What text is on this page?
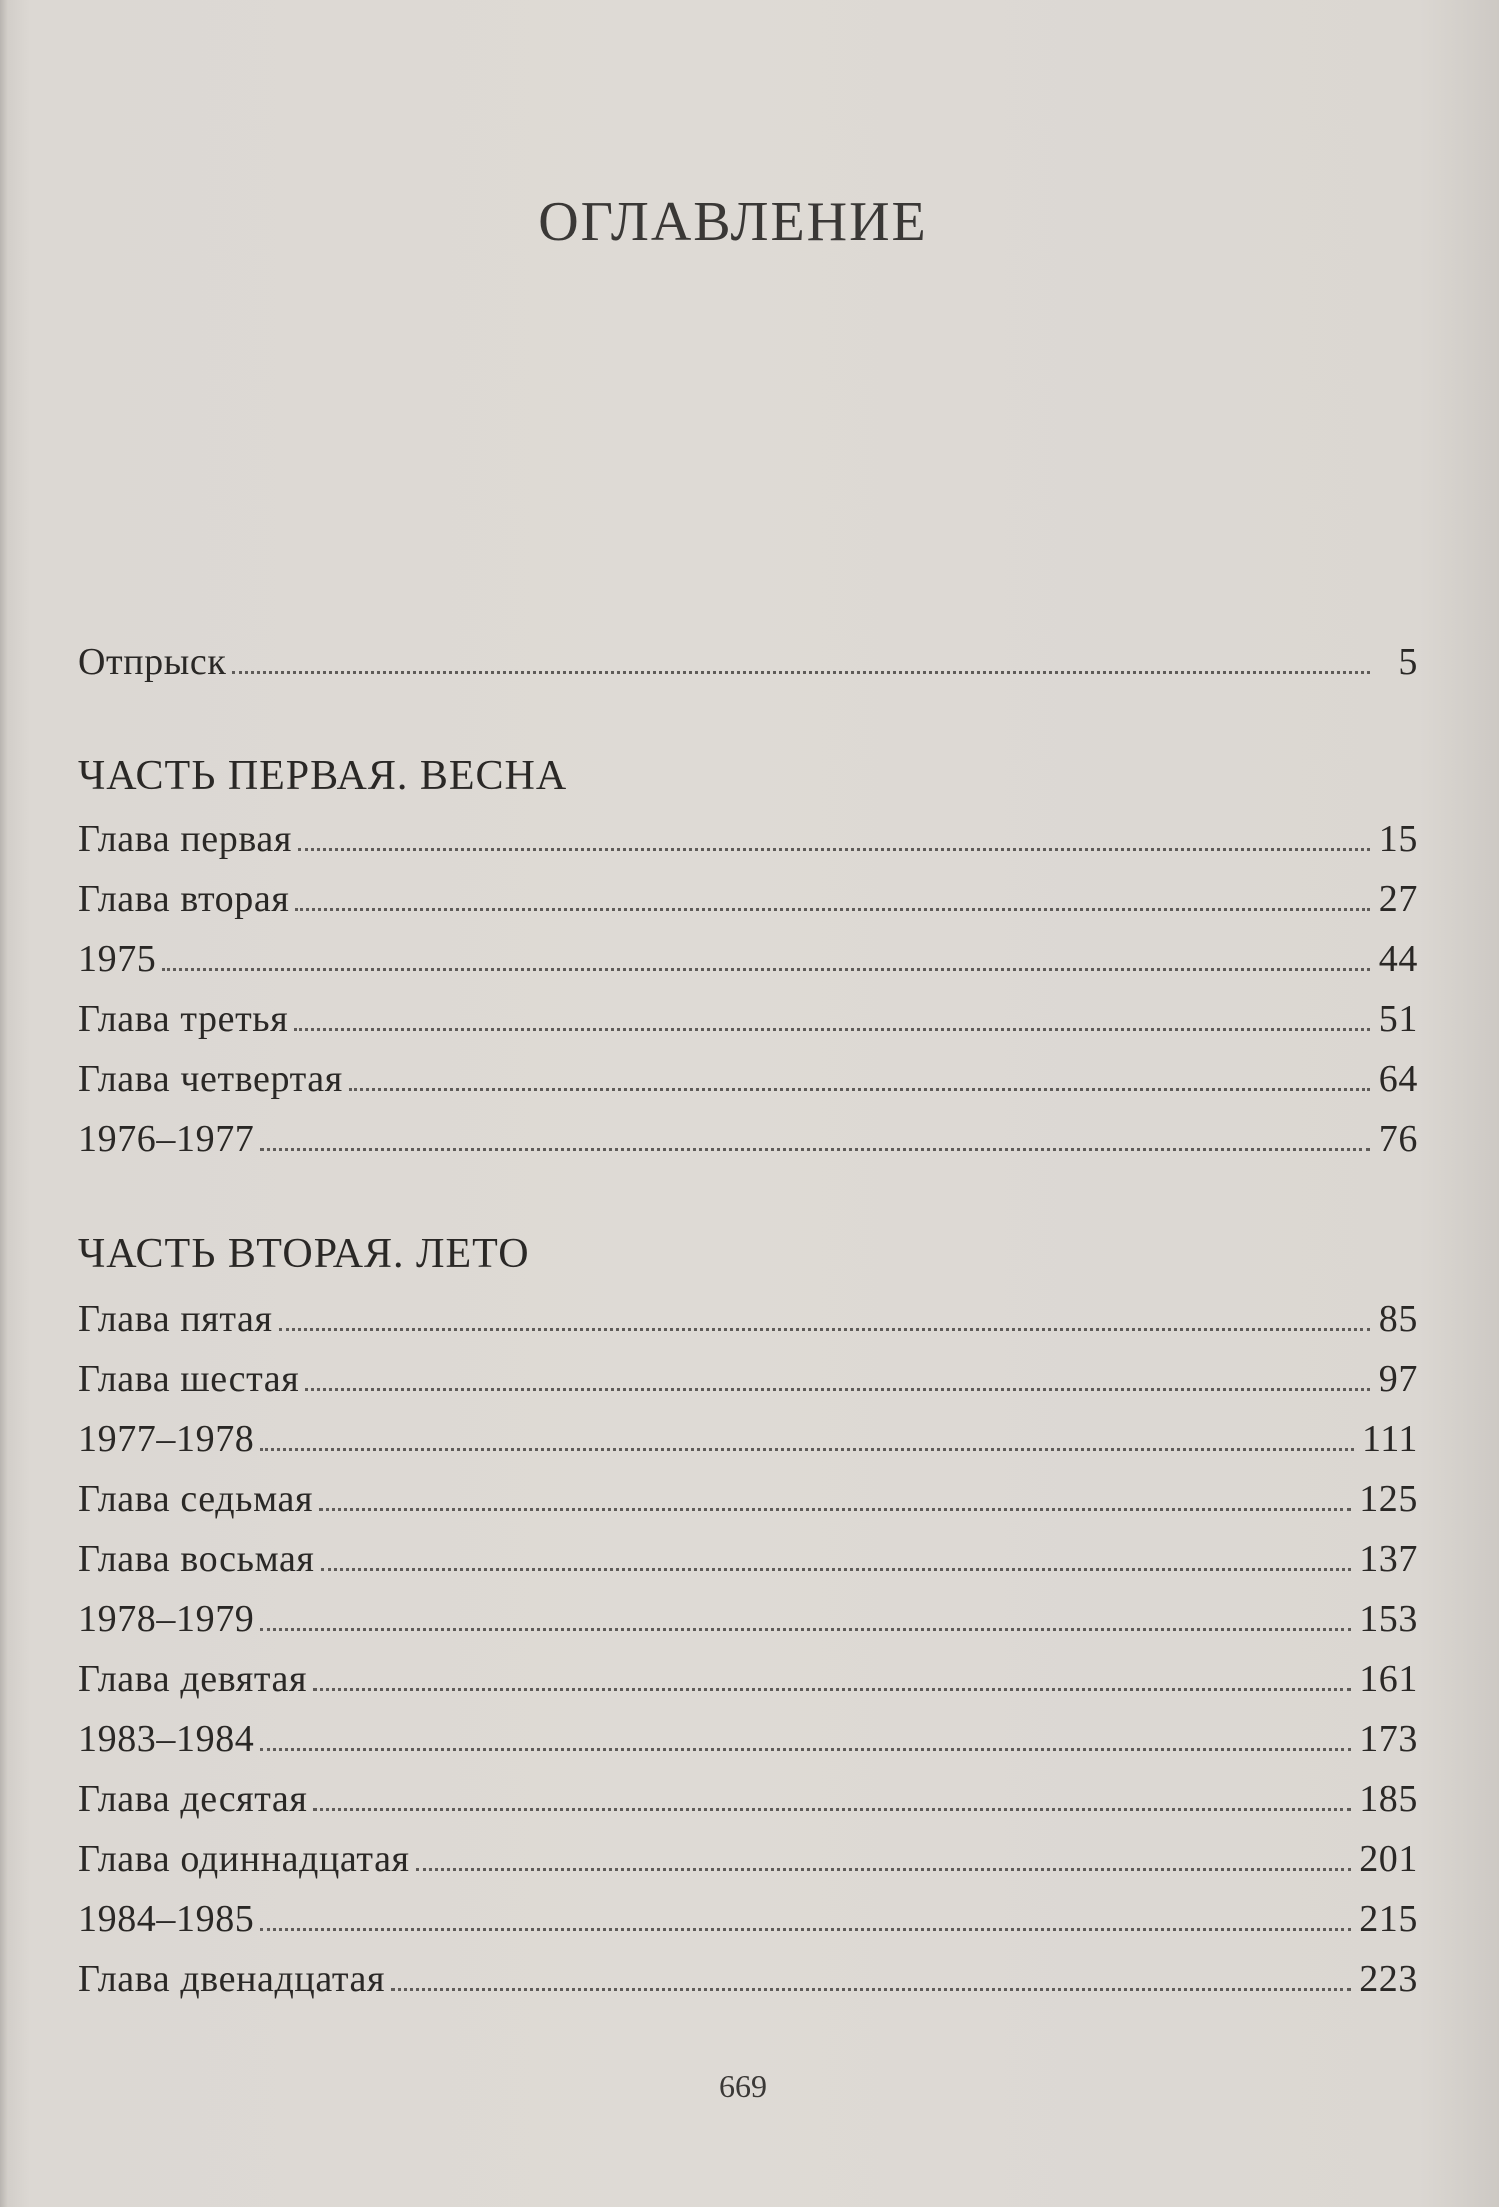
ОГЛАВЛЕНИЕ
Отпрыск	5
ЧАСТЬ ПЕРВАЯ. ВЕСНА
Глава первая	15
Глава вторая	27
1975	44
Глава третья	51
Глава четвертая	64
1976–1977	76
ЧАСТЬ ВТОРАЯ. ЛЕТО
Глава пятая	85
Глава шестая	97
1977–1978	111
Глава седьмая	125
Глава восьмая	137
1978–1979	153
Глава девятая	161
1983–1984	173
Глава десятая	185
Глава одиннадцатая	201
1984–1985	215
Глава двенадцатая	223
669
